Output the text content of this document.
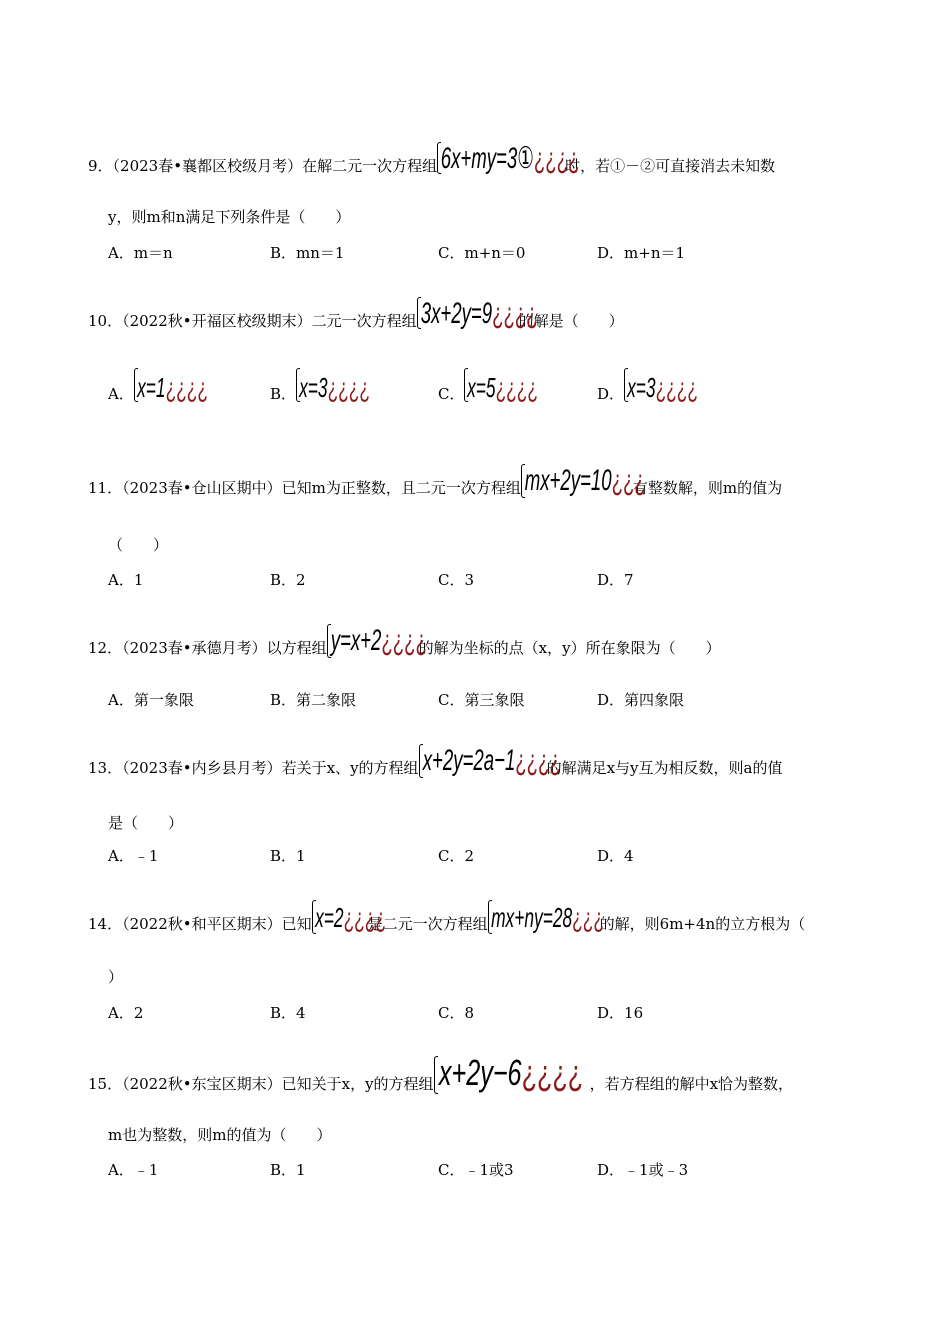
9．（2023春•襄都区校级月考）在解二元一次方程组 6x+my=3①¿¿¿¿
时，若①－②可直接消去未知数
y，则m和n满足下列条件是（　　）
A．m＝n	B．mn＝1	C．m+n＝0	D．m+n＝1
10．（2022秋•开福区校级期末）二元一次方程组 3x+2y=9¿¿¿¿
的解是（　　）
A． x=1¿¿¿¿	B． x=3¿¿¿¿	C． x=5¿¿¿¿	D． x=3¿¿¿¿
11．（2023春•仓山区期中）已知m为正整数，且二元一次方程组 mx+2y=10¿¿¿
有整数解，则m的值为
（　　）
A．1	B．2	C．3	D．7
12．（2023春•承德月考）以方程组 y=x+2¿¿¿¿
的解为坐标的点（x，y）所在象限为（　　）
A．第一象限	B．第二象限	C．第三象限	D．第四象限
13．（2023春•内乡县月考）若关于x、y的方程组 x+2y=2a−1¿¿¿¿
的解满足x与y互为相反数，则a的值
是（　　）
A．﹣1	B．1	C．2	D．4
14．（2022秋•和平区期末）已知 x=2¿¿¿¿
是二元一次方程组 mx+ny=28¿¿¿
的解，则6m+4n的立方根为（
）
A．2	B．4	C．8	D．16
15．（2022秋•东宝区期末）已知关于x，y的方程组 x+2y−6¿¿¿¿ ，若方程组的解中x恰为整数，
m也为整数，则m的值为（　　）
A．﹣1	B．1	C．﹣1或3	D．﹣1或﹣3
